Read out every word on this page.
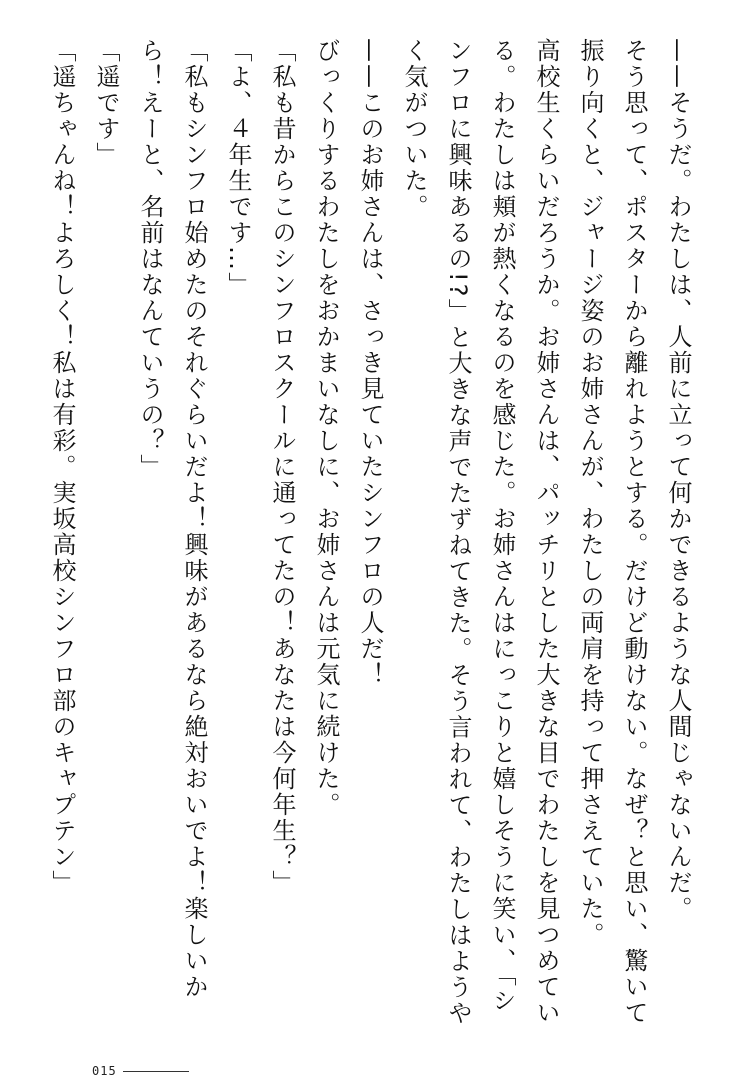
——そうだ。わたしは、人前に立って何かできるような人間じゃないんだ。

そう思って、ポスターから離れようとする。だけど動けない。なぜ？と思い、驚いて振り向くと、ジャージ姿のお姉さんが、わたしの両肩を持って押さえていた。

高校生くらいだろうか。お姉さんは、パッチリとした大きな目でわたしを見つめている。わたしは頬が熱くなるのを感じた。お姉さんはにっこりと嬉しそうに笑い、「シンフロに興味あるの!?」と大きな声でたずねてきた。そう言われて、わたしはようやく気がついた。

——このお姉さんは、さっき見ていたシンフロの人だ！

びっくりするわたしをおかまいなしに、お姉さんは元気に続けた。

「私も昔からこのシンフロスクールに通ってたの！あなたは今何年生？」

「よ、４年生です…」

「私もシンフロ始めたのそれぐらいだよ！興味があるなら絶対おいでよ！楽しいから！えーと、名前はなんていうの？」

「遥です」

「遥ちゃんね！よろしく！私は有彩。実坂高校シンフロ部のキャプテン」

015
